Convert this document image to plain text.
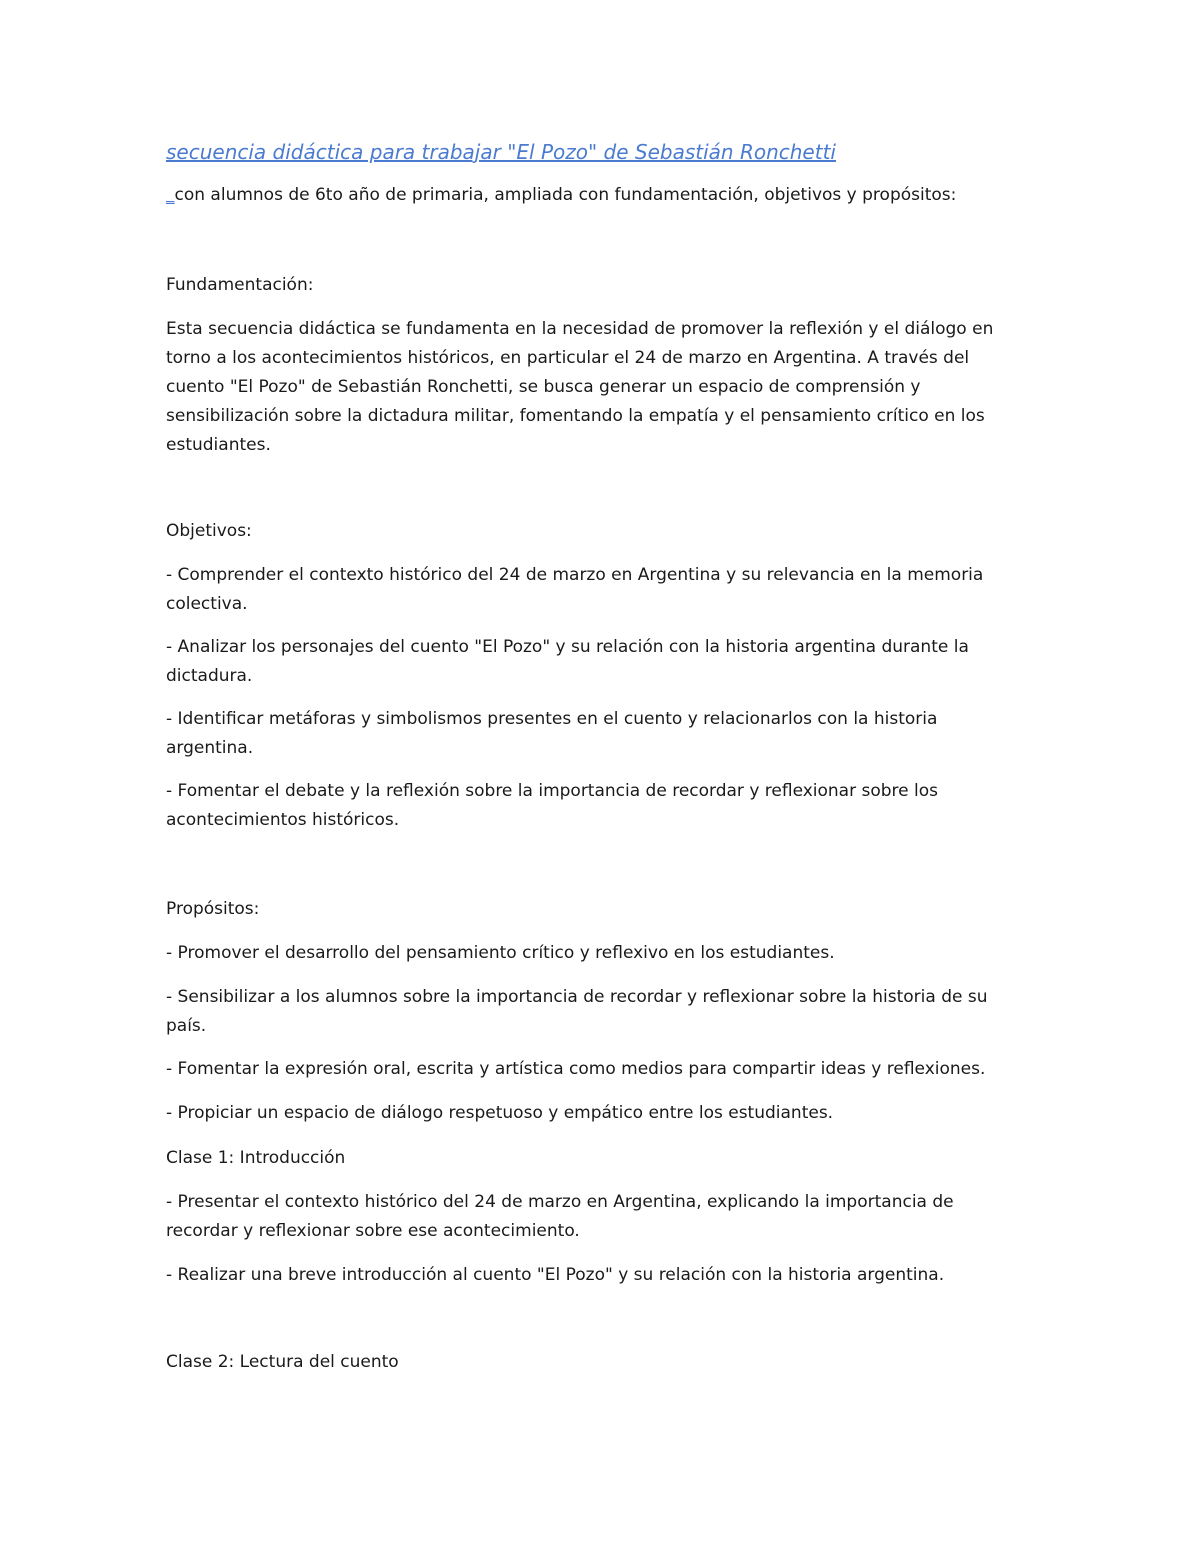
secuencia didáctica para trabajar "El Pozo" de Sebastián Ronchetti
_con alumnos de 6to año de primaria, ampliada con fundamentación, objetivos y propósitos:

Fundamentación:

Esta secuencia didáctica se fundamenta en la necesidad de promover la reflexión y el diálogo en torno a los acontecimientos históricos, en particular el 24 de marzo en Argentina. A través del cuento "El Pozo" de Sebastián Ronchetti, se busca generar un espacio de comprensión y sensibilización sobre la dictadura militar, fomentando la empatía y el pensamiento crítico en los estudiantes.

Objetivos:

- Comprender el contexto histórico del 24 de marzo en Argentina y su relevancia en la memoria colectiva.

- Analizar los personajes del cuento "El Pozo" y su relación con la historia argentina durante la dictadura.

- Identificar metáforas y simbolismos presentes en el cuento y relacionarlos con la historia argentina.

- Fomentar el debate y la reflexión sobre la importancia de recordar y reflexionar sobre los acontecimientos históricos.

Propósitos:

- Promover el desarrollo del pensamiento crítico y reflexivo en los estudiantes.

- Sensibilizar a los alumnos sobre la importancia de recordar y reflexionar sobre la historia de su país.

- Fomentar la expresión oral, escrita y artística como medios para compartir ideas y reflexiones.

- Propiciar un espacio de diálogo respetuoso y empático entre los estudiantes.

Clase 1: Introducción

- Presentar el contexto histórico del 24 de marzo en Argentina, explicando la importancia de recordar y reflexionar sobre ese acontecimiento.

- Realizar una breve introducción al cuento "El Pozo" y su relación con la historia argentina.

Clase 2: Lectura del cuento
